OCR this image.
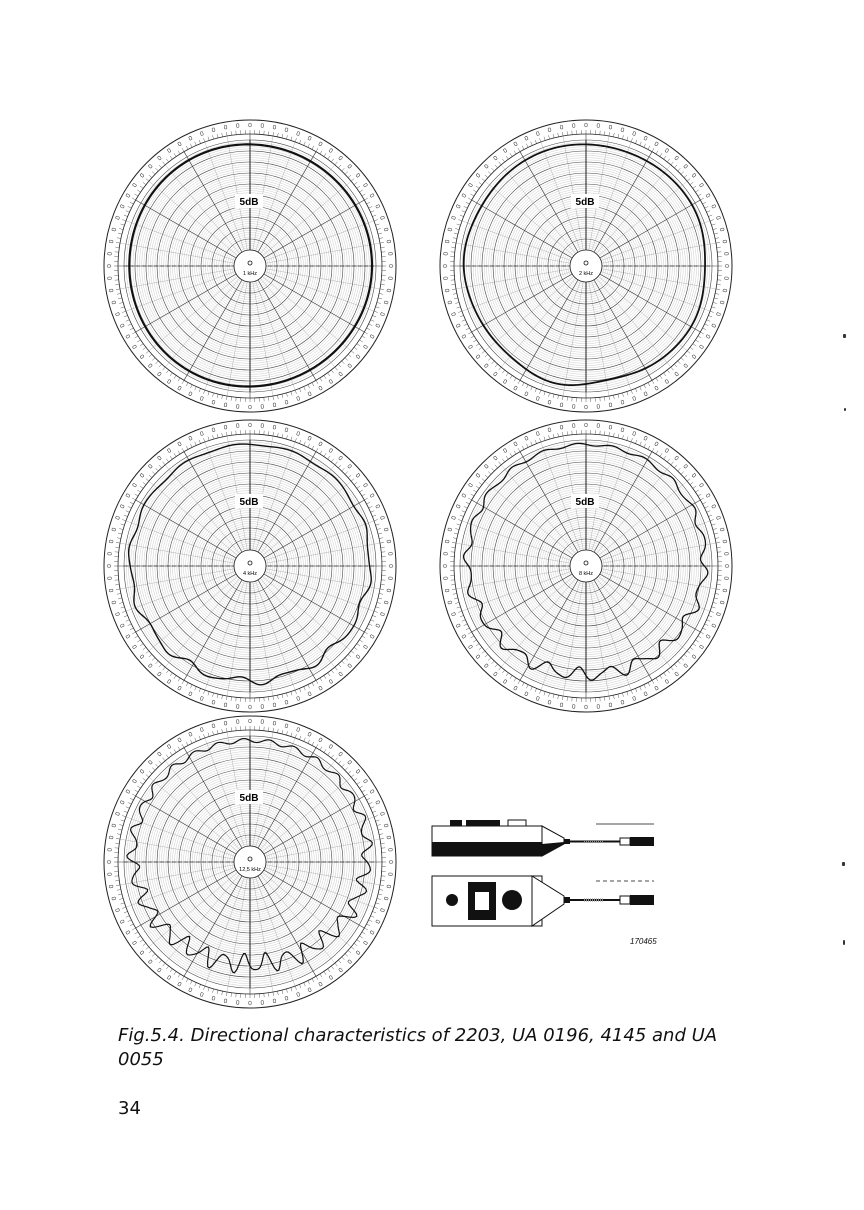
5dB
1 kHz
5dB
2 kHz
5dB
4 kHz
5dB
8 kHz
5dB
12,5 kHz
170465
Fig.5.4. Directional characteristics of 2203, UA 0196, 4145 and UA 0055
34
